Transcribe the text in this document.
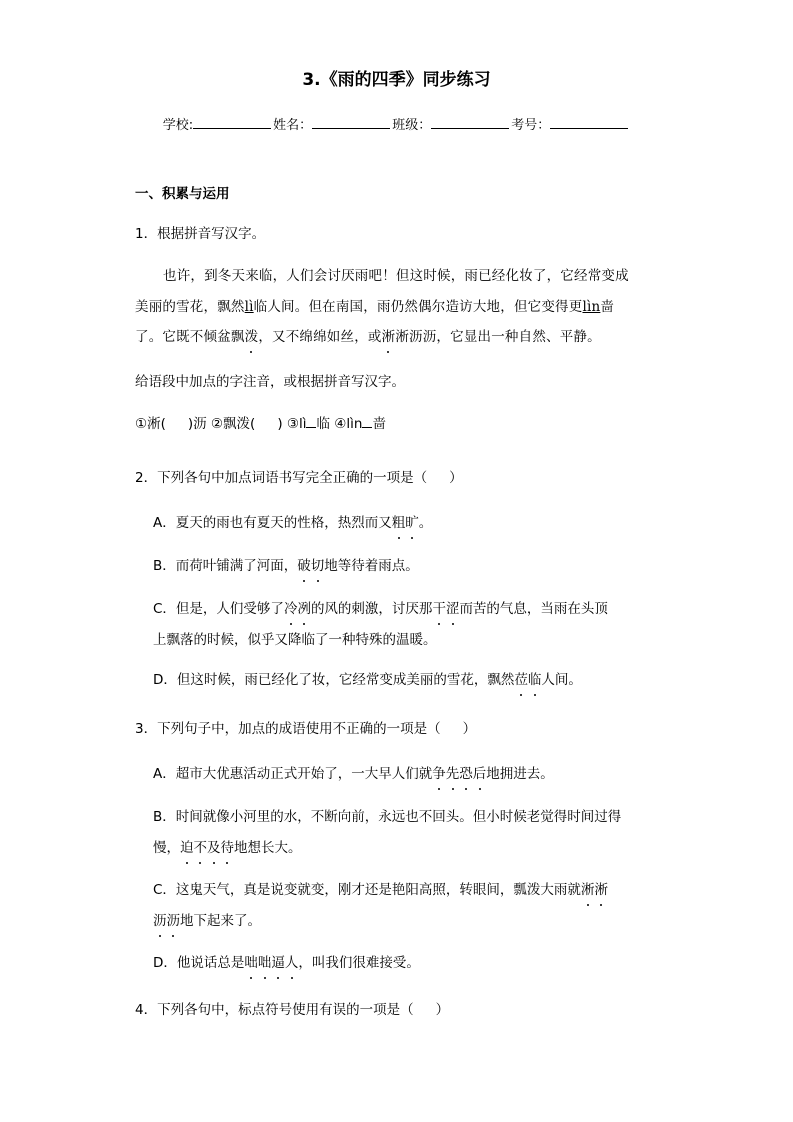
3.《雨的四季》同步练习
学校:	姓名：	班级：	考号：
一、积累与运用
1．根据拼音写汉字。
也许，到冬天来临，人们会讨厌雨吧！但这时候，雨已经化妆了，它经常变成
美丽的雪花，飘然lì临人间。但在南国，雨仍然偶尔造访大地，但它变得更lìn啬
了。它既不倾盆飘泼，又不绵绵如丝，或淅淅沥沥，它显出一种自然、平静。
给语段中加点的字注音，或根据拼音写汉字。
①淅( )沥 ②飘泼( ) ③lì 临 ④lìn 啬
2．下列各句中加点词语书写完全正确的一项是（ ）
A．夏天的雨也有夏天的性格，热烈而又粗旷。
B．而荷叶铺满了河面，破切地等待着雨点。
C．但是，人们受够了冷冽的风的刺激，讨厌那干涩而苦的气息，当雨在头顶
上飘落的时候，似乎又降临了一种特殊的温暖。
D．但这时候，雨已经化了妆，它经常变成美丽的雪花，飘然莅临人间。
3．下列句子中，加点的成语使用不正确的一项是（ ）
A．超市大优惠活动正式开始了，一大早人们就争先恐后地拥进去。
B．时间就像小河里的水，不断向前，永远也不回头。但小时候老觉得时间过得
慢，迫不及待地想长大。
C．这鬼天气，真是说变就变，刚才还是艳阳高照，转眼间，瓢泼大雨就淅淅
沥沥地下起来了。
D．他说话总是咄咄逼人，叫我们很难接受。
4．下列各句中，标点符号使用有误的一项是（ ）
